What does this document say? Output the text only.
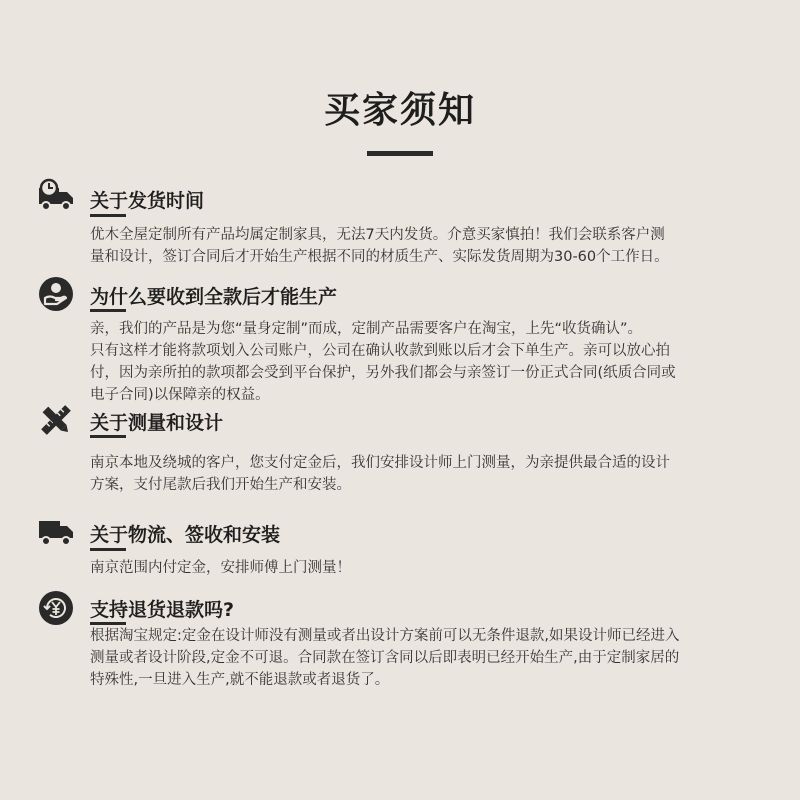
买家须知
关于发货时间

优木全屋定制所有产品均属定制家具，无法7天内发货。介意买家慎拍！我们会联系客户测

量和设计，签订合同后才开始生产根据不同的材质生产、实际发货周期为30-60个工作日。

为什么要收到全款后才能生产

亲，我们的产品是为您“量身定制”而成，定制产品需要客户在淘宝，上先“收货确认”。

只有这样才能将款项划入公司账户，公司在确认收款到账以后才会下单生产。亲可以放心拍

付，因为亲所拍的款项都会受到平台保护，另外我们都会与亲签订一份正式合同(纸质合同或

电子合同)以保障亲的权益。

关于测量和设计

南京本地及绕城的客户，您支付定金后，我们安排设计师上门测量，为亲提供最合适的设计

方案，支付尾款后我们开始生产和安装。

关于物流、签收和安装

南京范围内付定金，安排师傅上门测量！

支持退货退款吗?

根据淘宝规定:定金在设计师没有测量或者出设计方案前可以无条件退款,如果设计师已经进入

测量或者设计阶段,定金不可退。合同款在签订含同以后即表明已经开始生产,由于定制家居的

特殊性,一旦进入生产,就不能退款或者退货了。
